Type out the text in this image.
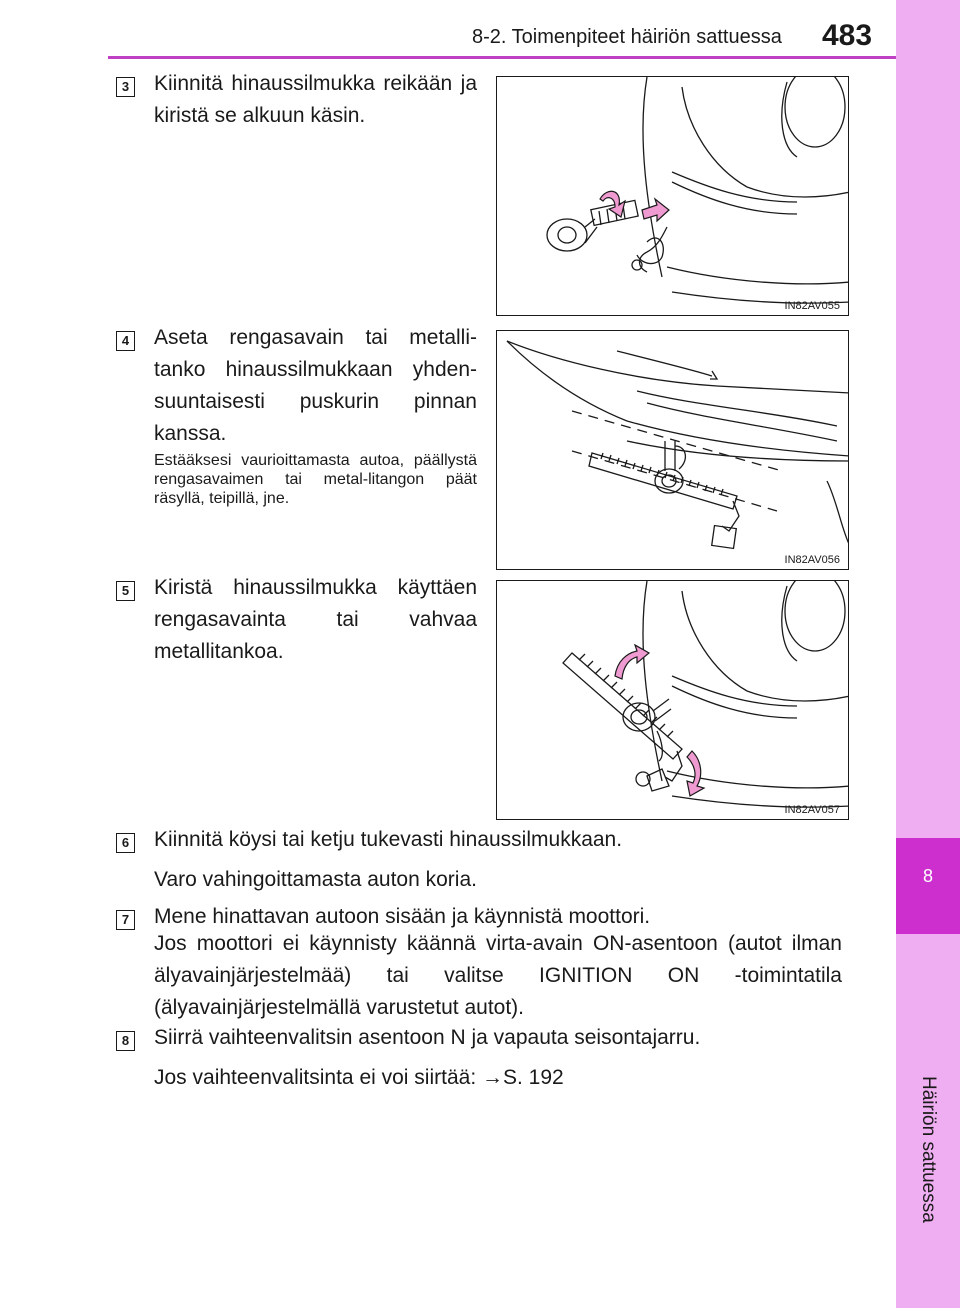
8-2. Toimenpiteet häiriön sattuessa 483
8
Häiriön sattuessa
3 Kiinnitä hinaussilmukka reikään ja kiristä se alkuun käsin.
IN82AV055
4 Aseta rengasavain tai metalli-tanko hinaussilmukkaan yhden-suuntaisesti puskurin pinnan kanssa.
Estääksesi vaurioittamasta autoa, päällystä rengasavaimen tai metal-litangon päät räsyllä, teipillä, jne.
IN82AV056
5 Kiristä hinaussilmukka käyttäen rengasavainta tai vahvaa metallitankoa.
IN82AV057
6 Kiinnitä köysi tai ketju tukevasti hinaussilmukkaan.
Varo vahingoittamasta auton koria.
7 Mene hinattavan autoon sisään ja käynnistä moottori.
Jos moottori ei käynnisty käännä virta-avain ON-asentoon (autot ilman älyavainjärjestelmää) tai valitse IGNITION ON -toimintatila (älyavainjärjestelmällä varustetut autot).
8 Siirrä vaihteenvalitsin asentoon N ja vapauta seisontajarru.
Jos vaihteenvalitsinta ei voi siirtää: →S. 192
